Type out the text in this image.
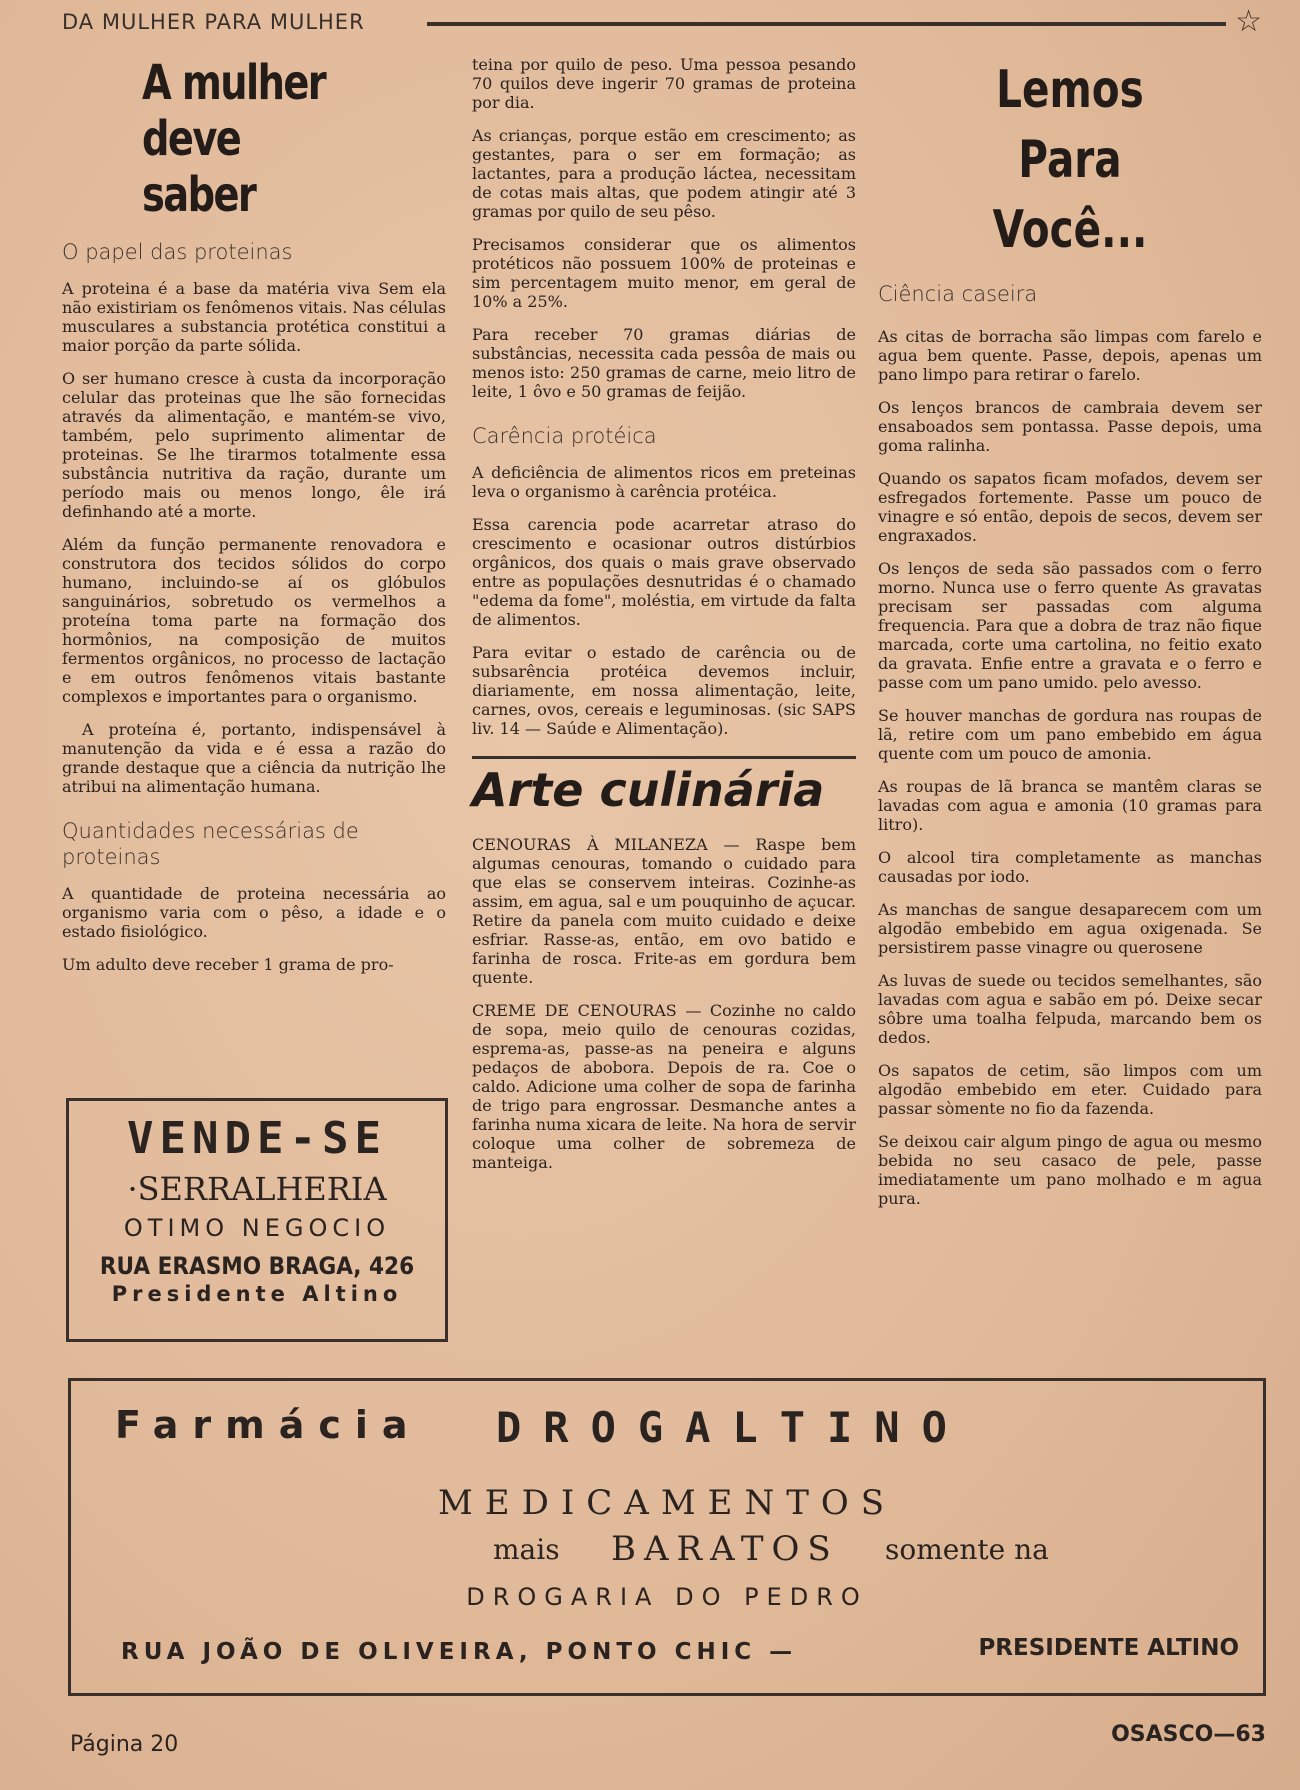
DA MULHER PARA MULHER	☆
A mulher
deve
saber
O papel das proteinas

A proteina é a base da matéria viva Sem ela não existiriam os fenômenos vitais. Nas células musculares a substancia protética constitui a maior porção da parte sólida.

O ser humano cresce à custa da incorporação celular das proteinas que lhe são fornecidas através da alimentação, e mantém-se vivo, também, pelo suprimento alimentar de proteinas. Se lhe tirarmos totalmente essa substância nutritiva da ração, durante um período mais ou menos longo, êle irá definhando até a morte.

Além da função permanente renovadora e construtora dos tecidos sólidos do corpo humano, incluindo-se aí os glóbulos sanguinários, sobretudo os vermelhos a proteína toma parte na formação dos hormônios, na composição de muitos fermentos orgânicos, no processo de lactação e em outros fenômenos vitais bastante complexos e importantes para o organismo.

A proteína é, portanto, indispensável à manutenção da vida e é essa a razão do grande destaque que a ciência da nutrição lhe atribui na alimentação humana.

Quantidades necessárias de proteinas

A quantidade de proteina necessária ao organismo varia com o pêso, a idade e o estado fisiológico.

Um adulto deve receber 1 grama de pro-

teina por quilo de peso. Uma pessoa pesando 70 quilos deve ingerir 70 gramas de proteina por dia.

As crianças, porque estão em crescimento; as gestantes, para o ser em formação; as lactantes, para a produção láctea, necessitam de cotas mais altas, que podem atingir até 3 gramas por quilo de seu pêso.

Precisamos considerar que os alimentos protéticos não possuem 100% de proteinas e sim percentagem muito menor, em geral de 10% a 25%.

Para receber 70 gramas diárias de substâncias, necessita cada pessôa de mais ou menos isto: 250 gramas de carne, meio litro de leite, 1 ôvo e 50 gramas de feijão.

Carência protéica

A deficiência de alimentos ricos em preteinas leva o organismo à carência protéica.

Essa carencia pode acarretar atraso do crescimento e ocasionar outros distúrbios orgânicos, dos quais o mais grave observado entre as populações desnutridas é o chamado "edema da fome", moléstia, em virtude da falta de alimentos.

Para evitar o estado de carência ou de subsarência protéica devemos incluir, diariamente, em nossa alimentação, leite, carnes, ovos, cereais e leguminosas. (sic SAPS liv. 14 — Saúde e Alimentação).

Arte culinária

CENOURAS À MILANEZA — Raspe bem algumas cenouras, tomando o cuidado para que elas se conservem inteiras. Cozinhe-as assim, em agua, sal e um pouquinho de açucar. Retire da panela com muito cuidado e deixe esfriar. Rasse-as, então, em ovo batido e farinha de rosca. Frite-as em gordura bem quente.

CREME DE CENOURAS — Cozinhe no caldo de sopa, meio quilo de cenouras cozidas, esprema-as, passe-as na peneira e alguns pedaços de abobora. Depois de ra. Coe o caldo. Adicione uma colher de sopa de farinha de trigo para engrossar. Desmanche antes a farinha numa xicara de leite. Na hora de servir coloque uma colher de sobremeza de manteiga.

Lemos
Para
Você...
Ciência caseira

As citas de borracha são limpas com farelo e agua bem quente. Passe, depois, apenas um pano limpo para retirar o farelo.

Os lenços brancos de cambraia devem ser ensaboados sem pontassa. Passe depois, uma goma ralinha.

Quando os sapatos ficam mofados, devem ser esfregados fortemente. Passe um pouco de vinagre e só então, depois de secos, devem ser engraxados.

Os lenços de seda são passados com o ferro morno. Nunca use o ferro quente As gravatas precisam ser passadas com alguma frequencia. Para que a dobra de traz não fique marcada, corte uma cartolina, no feitio exato da gravata. Enfie entre a gravata e o ferro e passe com um pano umido. pelo avesso.

Se houver manchas de gordura nas roupas de lã, retire com um pano embebido em água quente com um pouco de amonia.

As roupas de lã branca se mantêm claras se lavadas com agua e amonia (10 gramas para litro).

O alcool tira completamente as manchas causadas por iodo.

As manchas de sangue desaparecem com um algodão embebido em agua oxigenada. Se persistirem passe vinagre ou querosene

As luvas de suede ou tecidos semelhantes, são lavadas com agua e sabão em pó. Deixe secar sôbre uma toalha felpuda, marcando bem os dedos.

Os sapatos de cetim, são limpos com um algodão embebido em eter. Cuidado para passar sòmente no fio da fazenda.

Se deixou cair algum pingo de agua ou mesmo bebida no seu casaco de pele, passe imediatamente um pano molhado e m agua pura.

VENDE-SE
·SERRALHERIA
OTIMO NEGOCIO
RUA ERASMO BRAGA, 426
Presidente Altino
Farmácia DROGALTINO
MEDICAMENTOS
mais BARATOS somente na
DROGARIA DO PEDRO
RUA JOÃO DE OLIVEIRA, PONTO CHIC —	PRESIDENTE ALTINO
Página 20	OSASCO—63
